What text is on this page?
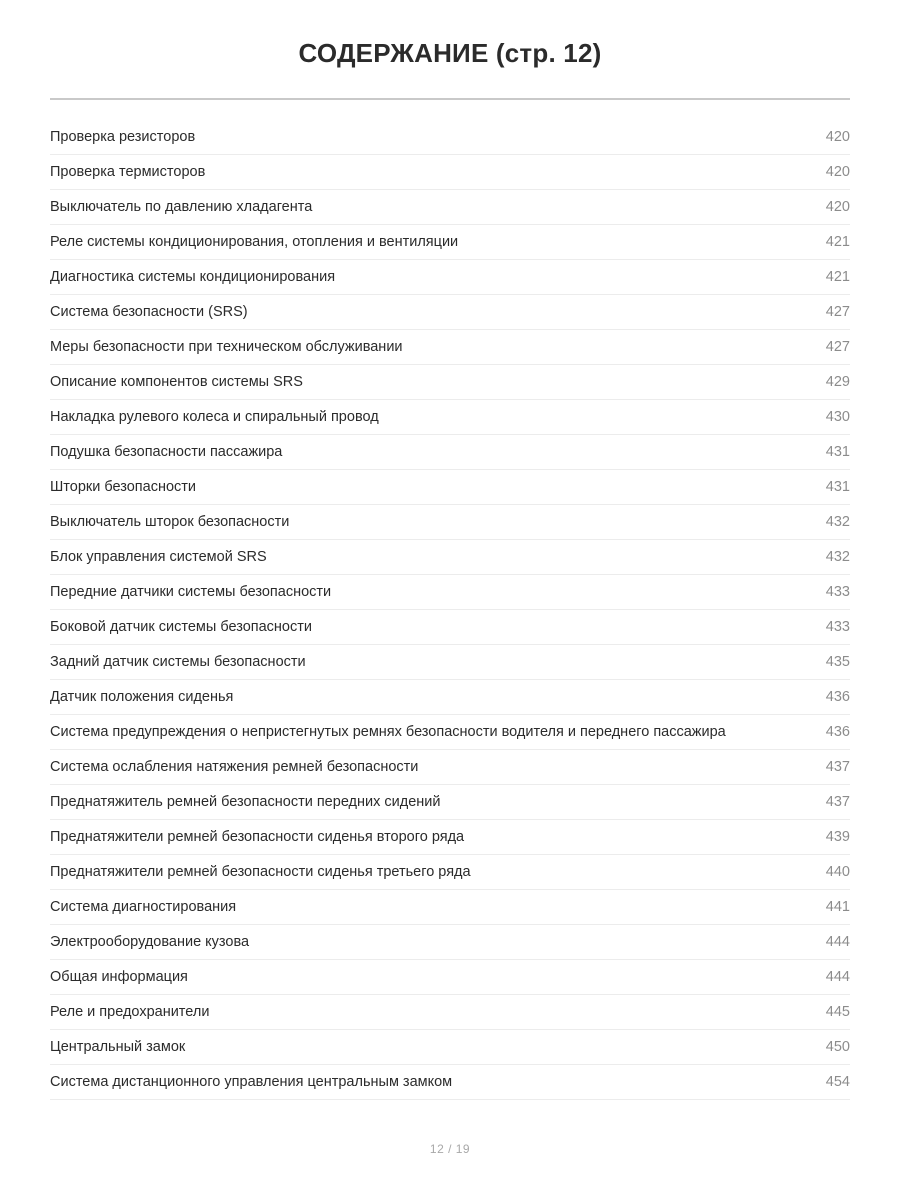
СОДЕРЖАНИЕ (стр. 12)
Проверка резисторов	420
Проверка термисторов	420
Выключатель по давлению хладагента	420
Реле системы кондиционирования, отопления и вентиляции	421
Диагностика системы кондиционирования	421
Система безопасности (SRS)	427
Меры безопасности при техническом обслуживании	427
Описание компонентов системы SRS	429
Накладка рулевого колеса и спиральный провод	430
Подушка безопасности пассажира	431
Шторки безопасности	431
Выключатель шторок безопасности	432
Блок управления системой SRS	432
Передние датчики системы безопасности	433
Боковой датчик системы безопасности	433
Задний датчик системы безопасности	435
Датчик положения сиденья	436
Система предупреждения о непристегнутых ремнях безопасности водителя и переднего пассажира	436
Система ослабления натяжения ремней безопасности	437
Преднатяжитель ремней безопасности передних сидений	437
Преднатяжители ремней безопасности сиденья второго ряда	439
Преднатяжители ремней безопасности сиденья третьего ряда	440
Система диагностирования	441
Электрооборудование кузова	444
Общая информация	444
Реле и предохранители	445
Центральный замок	450
Система дистанционного управления центральным замком	454
12 / 19
